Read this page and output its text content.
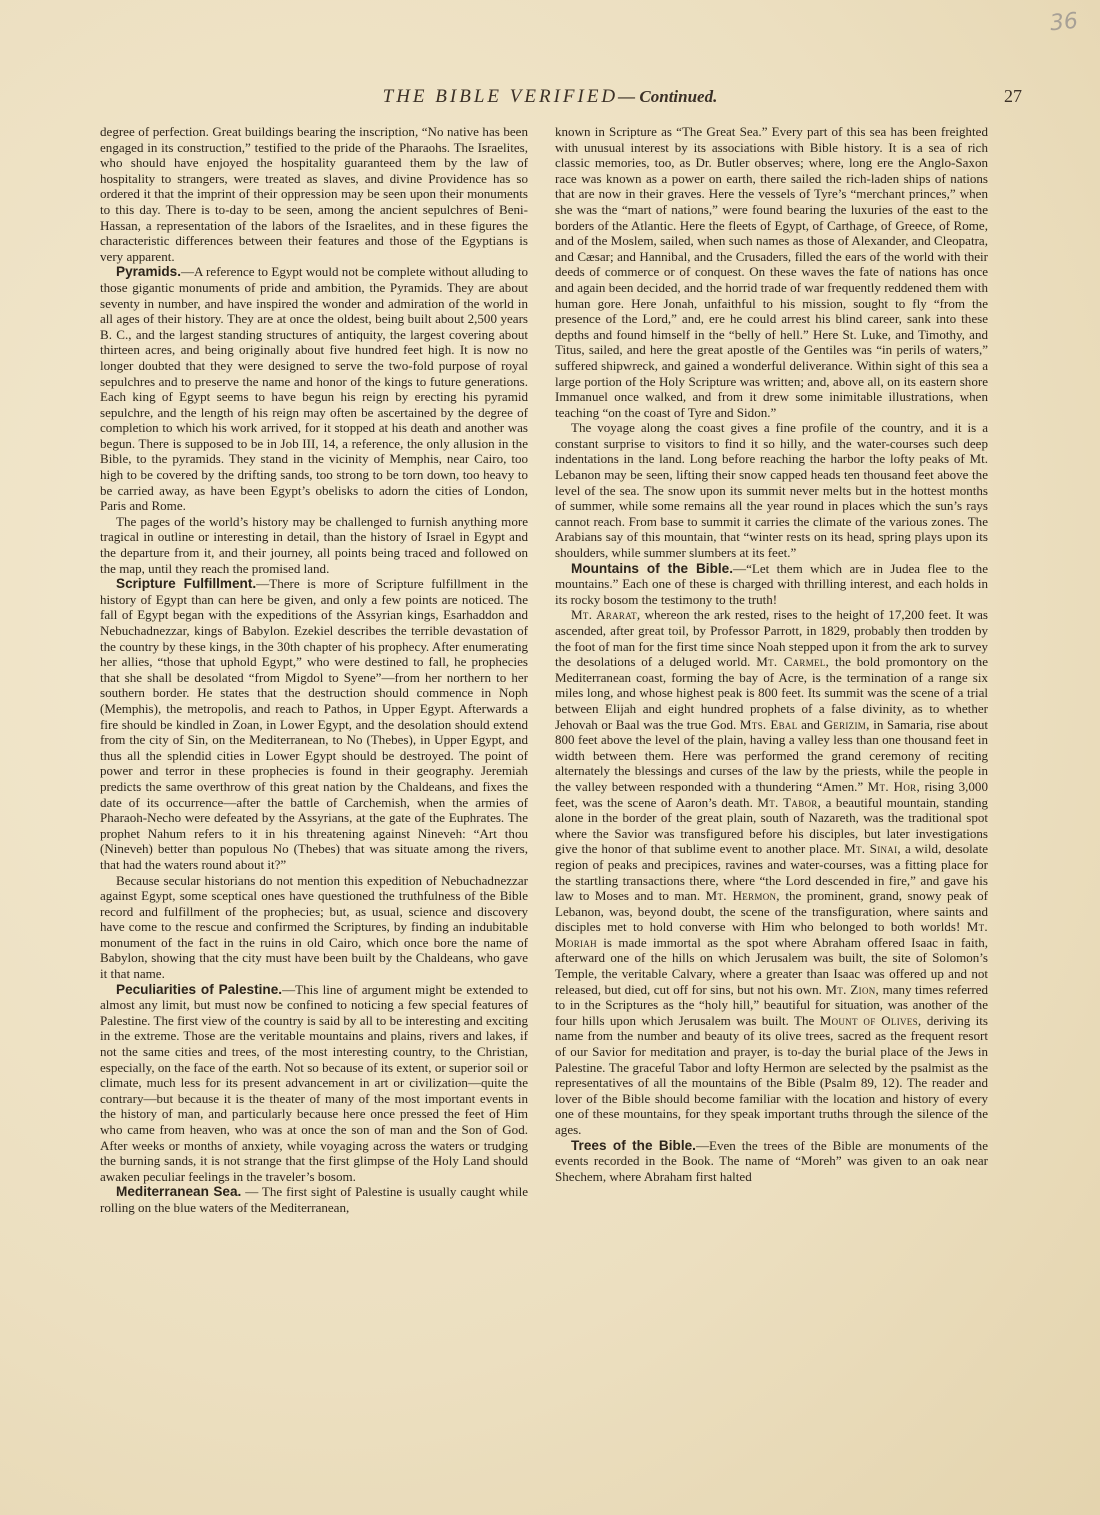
36
THE BIBLE VERIFIED— Continued.	27

degree of perfection. Great buildings bearing the inscription, “No native has been engaged in its construction,” testified to the pride of the Pharaohs. The Israelites, who should have enjoyed the hospitality guaranteed them by the law of hospitality to strangers, were treated as slaves, and divine Providence has so ordered it that the imprint of their oppression may be seen upon their monuments to this day. There is to-day to be seen, among the ancient sepulchres of Beni-Hassan, a representation of the labors of the Israelites, and in these figures the characteristic differences between their features and those of the Egyptians is very apparent.

Pyramids.—A reference to Egypt would not be complete without alluding to those gigantic monuments of pride and ambition, the Pyramids. They are about seventy in number, and have inspired the wonder and admiration of the world in all ages of their history. They are at once the oldest, being built about 2,500 years B. C., and the largest standing structures of antiquity, the largest covering about thirteen acres, and being originally about five hundred feet high. It is now no longer doubted that they were designed to serve the two-fold purpose of royal sepulchres and to preserve the name and honor of the kings to future generations. Each king of Egypt seems to have begun his reign by erecting his pyramid sepulchre, and the length of his reign may often be ascertained by the degree of completion to which his work arrived, for it stopped at his death and another was begun. There is supposed to be in Job III, 14, a reference, the only allusion in the Bible, to the pyramids. They stand in the vicinity of Memphis, near Cairo, too high to be covered by the drifting sands, too strong to be torn down, too heavy to be carried away, as have been Egypt’s obelisks to adorn the cities of London, Paris and Rome.

The pages of the world’s history may be challenged to furnish anything more tragical in outline or interesting in detail, than the history of Israel in Egypt and the departure from it, and their journey, all points being traced and followed on the map, until they reach the promised land.

Scripture Fulfillment.—There is more of Scripture fulfillment in the history of Egypt than can here be given, and only a few points are noticed. The fall of Egypt began with the expeditions of the Assyrian kings, Esarhaddon and Nebuchadnezzar, kings of Babylon. Ezekiel describes the terrible devastation of the country by these kings, in the 30th chapter of his prophecy. After enumerating her allies, “those that uphold Egypt,” who were destined to fall, he prophecies that she shall be desolated “from Migdol to Syene”—from her northern to her southern border. He states that the destruction should commence in Noph (Memphis), the metropolis, and reach to Pathos, in Upper Egypt. Afterwards a fire should be kindled in Zoan, in Lower Egypt, and the desolation should extend from the city of Sin, on the Mediterranean, to No (Thebes), in Upper Egypt, and thus all the splendid cities in Lower Egypt should be destroyed. The point of power and terror in these prophecies is found in their geography. Jeremiah predicts the same overthrow of this great nation by the Chaldeans, and fixes the date of its occurrence—after the battle of Carchemish, when the armies of Pharaoh-Necho were defeated by the Assyrians, at the gate of the Euphrates. The prophet Nahum refers to it in his threatening against Nineveh: “Art thou (Nineveh) better than populous No (Thebes) that was situate among the rivers, that had the waters round about it?”

Because secular historians do not mention this expedition of Nebuchadnezzar against Egypt, some sceptical ones have questioned the truthfulness of the Bible record and fulfillment of the prophecies; but, as usual, science and discovery have come to the rescue and confirmed the Scriptures, by finding an indubitable monument of the fact in the ruins in old Cairo, which once bore the name of Babylon, showing that the city must have been built by the Chaldeans, who gave it that name.

Peculiarities of Palestine.—This line of argument might be extended to almost any limit, but must now be confined to noticing a few special features of Palestine. The first view of the country is said by all to be interesting and exciting in the extreme. Those are the veritable mountains and plains, rivers and lakes, if not the same cities and trees, of the most interesting country, to the Christian, especially, on the face of the earth. Not so because of its extent, or superior soil or climate, much less for its present advancement in art or civilization—quite the contrary—but because it is the theater of many of the most important events in the history of man, and particularly because here once pressed the feet of Him who came from heaven, who was at once the son of man and the Son of God. After weeks or months of anxiety, while voyaging across the waters or trudging the burning sands, it is not strange that the first glimpse of the Holy Land should awaken peculiar feelings in the traveler’s bosom.

Mediterranean Sea. — The first sight of Palestine is usually caught while rolling on the blue waters of the Mediterranean,

known in Scripture as “The Great Sea.” Every part of this sea has been freighted with unusual interest by its associations with Bible history. It is a sea of rich classic memories, too, as Dr. Butler observes; where, long ere the Anglo-Saxon race was known as a power on earth, there sailed the rich-laden ships of nations that are now in their graves. Here the vessels of Tyre’s “merchant princes,” when she was the “mart of nations,” were found bearing the luxuries of the east to the borders of the Atlantic. Here the fleets of Egypt, of Carthage, of Greece, of Rome, and of the Moslem, sailed, when such names as those of Alexander, and Cleopatra, and Cæsar; and Hannibal, and the Crusaders, filled the ears of the world with their deeds of commerce or of conquest. On these waves the fate of nations has once and again been decided, and the horrid trade of war frequently reddened them with human gore. Here Jonah, unfaithful to his mission, sought to fly “from the presence of the Lord,” and, ere he could arrest his blind career, sank into these depths and found himself in the “belly of hell.” Here St. Luke, and Timothy, and Titus, sailed, and here the great apostle of the Gentiles was “in perils of waters,” suffered shipwreck, and gained a wonderful deliverance. Within sight of this sea a large portion of the Holy Scripture was written; and, above all, on its eastern shore Immanuel once walked, and from it drew some inimitable illustrations, when teaching “on the coast of Tyre and Sidon.”

The voyage along the coast gives a fine profile of the country, and it is a constant surprise to visitors to find it so hilly, and the water-courses such deep indentations in the land. Long before reaching the harbor the lofty peaks of Mt. Lebanon may be seen, lifting their snow capped heads ten thousand feet above the level of the sea. The snow upon its summit never melts but in the hottest months of summer, while some remains all the year round in places which the sun’s rays cannot reach. From base to summit it carries the climate of the various zones. The Arabians say of this mountain, that “winter rests on its head, spring plays upon its shoulders, while summer slumbers at its feet.”

Mountains of the Bible.—“Let them which are in Judea flee to the mountains.” Each one of these is charged with thrilling interest, and each holds in its rocky bosom the testimony to the truth!

Mt. Ararat, whereon the ark rested, rises to the height of 17,200 feet. It was ascended, after great toil, by Professor Parrott, in 1829, probably then trodden by the foot of man for the first time since Noah stepped upon it from the ark to survey the desolations of a deluged world. Mt. Carmel, the bold promontory on the Mediterranean coast, forming the bay of Acre, is the termination of a range six miles long, and whose highest peak is 800 feet. Its summit was the scene of a trial between Elijah and eight hundred prophets of a false divinity, as to whether Jehovah or Baal was the true God. Mts. Ebal and Gerizim, in Samaria, rise about 800 feet above the level of the plain, having a valley less than one thousand feet in width between them. Here was performed the grand ceremony of reciting alternately the blessings and curses of the law by the priests, while the people in the valley between responded with a thundering “Amen.” Mt. Hor, rising 3,000 feet, was the scene of Aaron’s death. Mt. Tabor, a beautiful mountain, standing alone in the border of the great plain, south of Nazareth, was the traditional spot where the Savior was transfigured before his disciples, but later investigations give the honor of that sublime event to another place. Mt. Sinai, a wild, desolate region of peaks and precipices, ravines and water-courses, was a fitting place for the startling transactions there, where “the Lord descended in fire,” and gave his law to Moses and to man. Mt. Hermon, the prominent, grand, snowy peak of Lebanon, was, beyond doubt, the scene of the transfiguration, where saints and disciples met to hold converse with Him who belonged to both worlds! Mt. Moriah is made immortal as the spot where Abraham offered Isaac in faith, afterward one of the hills on which Jerusalem was built, the site of Solomon’s Temple, the veritable Calvary, where a greater than Isaac was offered up and not released, but died, cut off for sins, but not his own. Mt. Zion, many times referred to in the Scriptures as the “holy hill,” beautiful for situation, was another of the four hills upon which Jerusalem was built. The Mount of Olives, deriving its name from the number and beauty of its olive trees, sacred as the frequent resort of our Savior for meditation and prayer, is to-day the burial place of the Jews in Palestine. The graceful Tabor and lofty Hermon are selected by the psalmist as the representatives of all the mountains of the Bible (Psalm 89, 12). The reader and lover of the Bible should become familiar with the location and history of every one of these mountains, for they speak important truths through the silence of the ages.

Trees of the Bible.—Even the trees of the Bible are monuments of the events recorded in the Book. The name of “Moreh” was given to an oak near Shechem, where Abraham first halted
